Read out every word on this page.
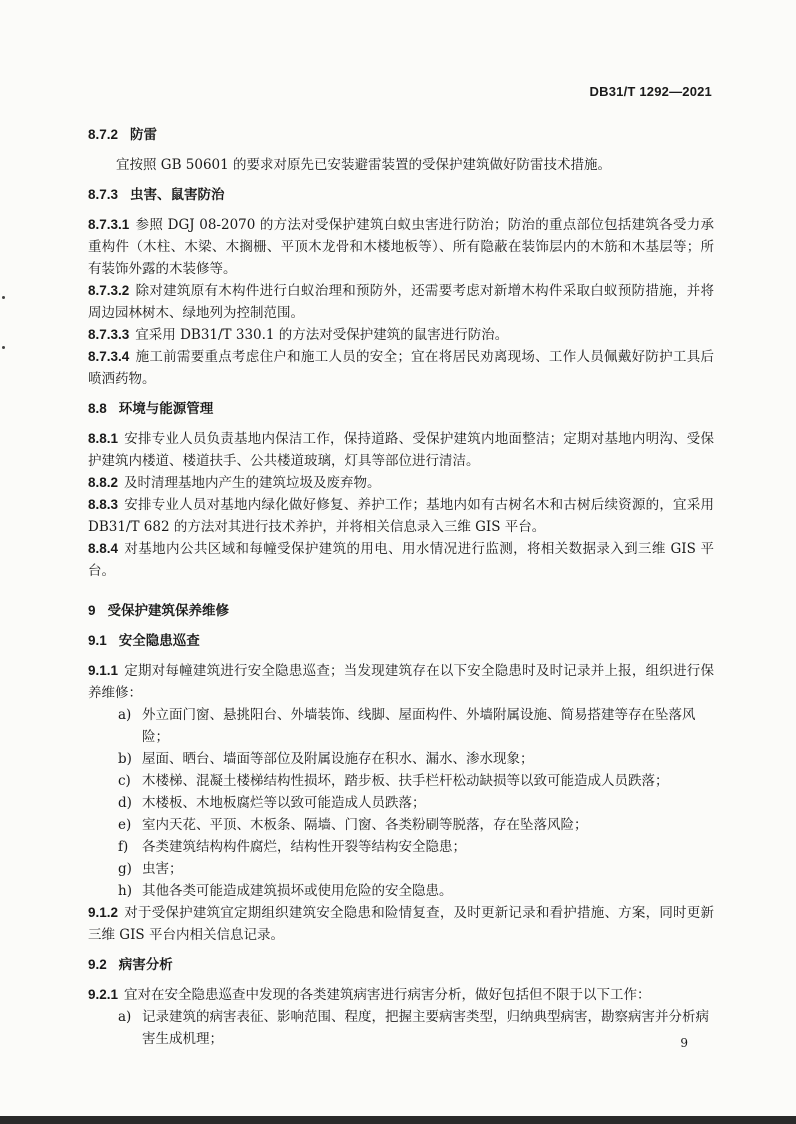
DB31/T 1292—2021

8.7.2 防雷

宜按照 GB 50601 的要求对原先已安装避雷装置的受保护建筑做好防雷技术措施。

8.7.3 虫害、鼠害防治

8.7.3.1 参照 DGJ 08-2070 的方法对受保护建筑白蚁虫害进行防治；防治的重点部位包括建筑各受力承重构件（木柱、木梁、木搁栅、平顶木龙骨和木楼地板等）、所有隐蔽在装饰层内的木筋和木基层等；所有装饰外露的木装修等。

8.7.3.2 除对建筑原有木构件进行白蚁治理和预防外，还需要考虑对新增木构件采取白蚁预防措施，并将周边园林树木、绿地列为控制范围。

8.7.3.3 宜采用 DB31/T 330.1 的方法对受保护建筑的鼠害进行防治。

8.7.3.4 施工前需要重点考虑住户和施工人员的安全；宜在将居民劝离现场、工作人员佩戴好防护工具后喷洒药物。

8.8 环境与能源管理

8.8.1 安排专业人员负责基地内保洁工作，保持道路、受保护建筑内地面整洁；定期对基地内明沟、受保护建筑内楼道、楼道扶手、公共楼道玻璃，灯具等部位进行清洁。

8.8.2 及时清理基地内产生的建筑垃圾及废弃物。

8.8.3 安排专业人员对基地内绿化做好修复、养护工作；基地内如有古树名木和古树后续资源的，宜采用 DB31/T 682 的方法对其进行技术养护，并将相关信息录入三维 GIS 平台。

8.8.4 对基地内公共区域和每幢受保护建筑的用电、用水情况进行监测，将相关数据录入到三维 GIS 平台。

9 受保护建筑保养维修

9.1 安全隐患巡查

9.1.1 定期对每幢建筑进行安全隐患巡查；当发现建筑存在以下安全隐患时及时记录并上报，组织进行保养维修：

a) 外立面门窗、悬挑阳台、外墙装饰、线脚、屋面构件、外墙附属设施、简易搭建等存在坠落风险；

b) 屋面、晒台、墙面等部位及附属设施存在积水、漏水、渗水现象；

c) 木楼梯、混凝土楼梯结构性损坏，踏步板、扶手栏杆松动缺损等以致可能造成人员跌落；

d) 木楼板、木地板腐烂等以致可能造成人员跌落；

e) 室内天花、平顶、木板条、隔墙、门窗、各类粉刷等脱落，存在坠落风险；

f) 各类建筑结构构件腐烂，结构性开裂等结构安全隐患；

g) 虫害；

h) 其他各类可能造成建筑损坏或使用危险的安全隐患。

9.1.2 对于受保护建筑宜定期组织建筑安全隐患和险情复查，及时更新记录和看护措施、方案，同时更新三维 GIS 平台内相关信息记录。

9.2 病害分析

9.2.1 宜对在安全隐患巡查中发现的各类建筑病害进行病害分析，做好包括但不限于以下工作：

a) 记录建筑的病害表征、影响范围、程度，把握主要病害类型，归纳典型病害，勘察病害并分析病害生成机理；	9
